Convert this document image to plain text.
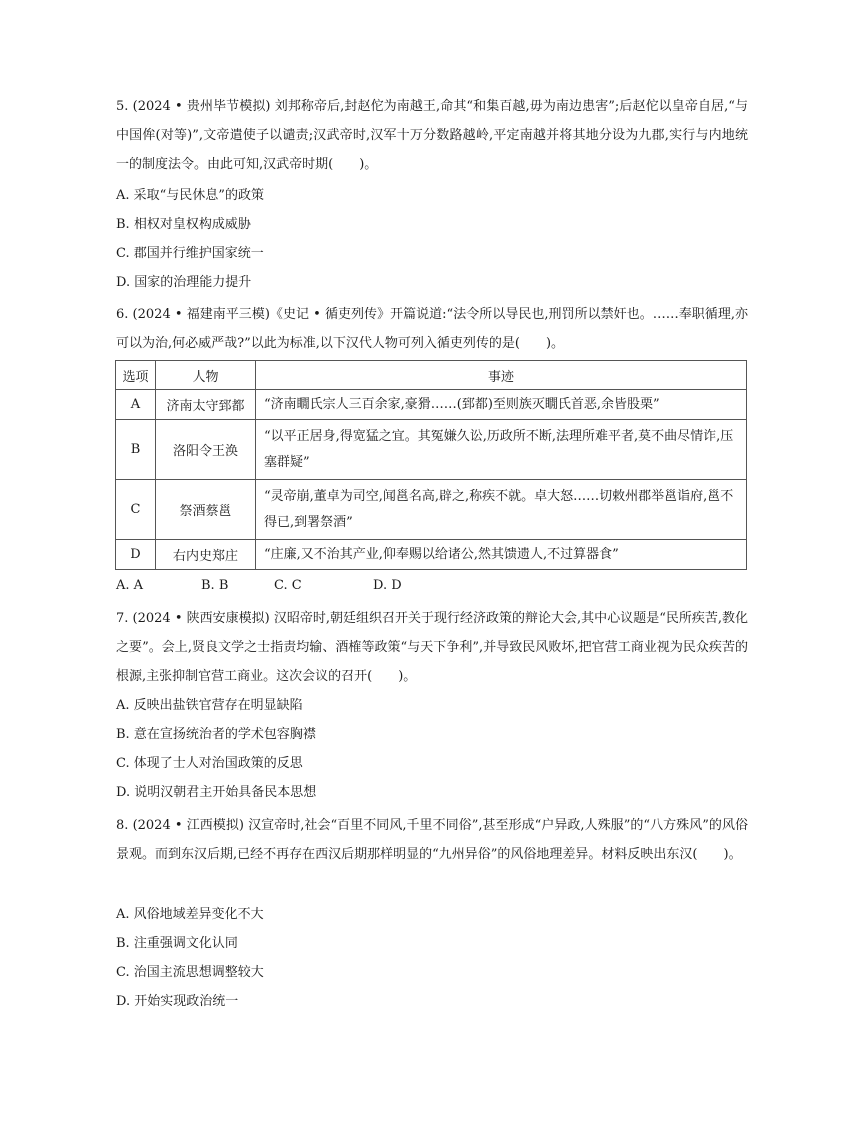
5. (2024 • 贵州毕节模拟) 刘邦称帝后,封赵佗为南越王,命其“和集百越,毋为南边患害”;后赵佗以皇帝自居,“与中国侔(对等)”,文帝遣使子以谴责;汉武帝时,汉军十万分数路越岭,平定南越并将其地分设为九郡,实行与内地统一的制度法令。由此可知,汉武帝时期(　　)。
A. 采取“与民休息”的政策
B. 相权对皇权构成威胁
C. 郡国并行维护国家统一
D. 国家的治理能力提升
6. (2024 • 福建南平三模)《史记 • 循吏列传》开篇说道:“法令所以导民也,刑罚所以禁奸也。……奉职循理,亦可以为治,何必威严哉?”以此为标准,以下汉代人物可列入循吏列传的是(　　)。
选项	人物	事迹
A	济南太守郅都	“济南瞯氏宗人三百余家,豪猾……(郅都)至则族灭瞯氏首恶,余皆股栗”
B	洛阳令王涣	“以平正居身,得宽猛之宜。其冤嫌久讼,历政所不断,法理所难平者,莫不曲尽情诈,压塞群疑”
C	祭酒蔡邕	“灵帝崩,董卓为司空,闻邕名高,辟之,称疾不就。卓大怒……切敕州郡举邕诣府,邕不得已,到署祭酒”
D	右内史郑庄	“庄廉,又不治其产业,仰奉赐以给诸公,然其馈遗人,不过算器食”
A. A	B. B	C. C	D. D
7. (2024 • 陕西安康模拟) 汉昭帝时,朝廷组织召开关于现行经济政策的辩论大会,其中心议题是“民所疾苦,教化之要”。会上,贤良文学之士指责均输、酒榷等政策“与天下争利”,并导致民风败坏,把官营工商业视为民众疾苦的根源,主张抑制官营工商业。这次会议的召开(　　)。
A. 反映出盐铁官营存在明显缺陷
B. 意在宣扬统治者的学术包容胸襟
C. 体现了士人对治国政策的反思
D. 说明汉朝君主开始具备民本思想
8. (2024 • 江西模拟) 汉宣帝时,社会“百里不同风,千里不同俗”,甚至形成“户异政,人殊服”的“八方殊风”的风俗景观。而到东汉后期,已经不再存在西汉后期那样明显的“九州异俗”的风俗地理差异。材料反映出东汉(　　)。
A. 风俗地域差异变化不大
B. 注重强调文化认同
C. 治国主流思想调整较大
D. 开始实现政治统一
